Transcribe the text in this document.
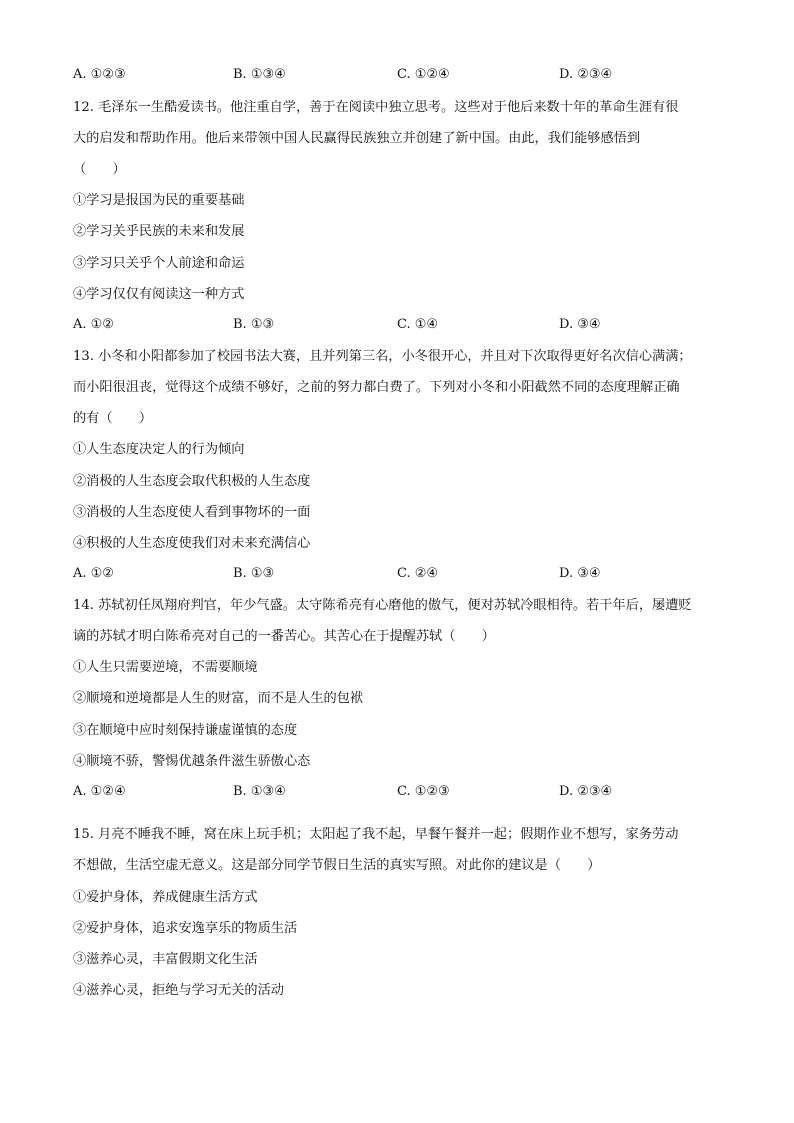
A. ①②③	B. ①③④	C. ①②④	D. ②③④
12. 毛泽东一生酷爱读书。他注重自学，善于在阅读中独立思考。这些对于他后来数十年的革命生涯有很
大的启发和帮助作用。他后来带领中国人民赢得民族独立并创建了新中国。由此，我们能够感悟到
（　　）
①学习是报国为民的重要基础
②学习关乎民族的未来和发展
③学习只关乎个人前途和命运
④学习仅仅有阅读这一种方式
A. ①②	B. ①③	C. ①④	D. ③④
13. 小冬和小阳都参加了校园书法大赛，且并列第三名，小冬很开心，并且对下次取得更好名次信心满满；
而小阳很沮丧，觉得这个成绩不够好，之前的努力都白费了。下列对小冬和小阳截然不同的态度理解正确
的有（　　）
①人生态度决定人的行为倾向
②消极的人生态度会取代积极的人生态度
③消极的人生态度使人看到事物坏的一面
④积极的人生态度使我们对未来充满信心
A. ①②	B. ①③	C. ②④	D. ③④
14. 苏轼初任凤翔府判官，年少气盛。太守陈希亮有心磨他的傲气，便对苏轼冷眼相待。若干年后，屡遭贬
谪的苏轼才明白陈希亮对自己的一番苦心。其苦心在于提醒苏轼（　　）
①人生只需要逆境，不需要顺境
②顺境和逆境都是人生的财富，而不是人生的包袱
③在顺境中应时刻保持谦虚谨慎的态度
④顺境不骄，警惕优越条件滋生骄傲心态
A. ①②④	B. ①③④	C. ①②③	D. ②③④
15. 月亮不睡我不睡，窝在床上玩手机；太阳起了我不起，早餐午餐并一起；假期作业不想写，家务劳动
不想做，生活空虚无意义。这是部分同学节假日生活的真实写照。对此你的建议是（　　）
①爱护身体，养成健康生活方式
②爱护身体，追求安逸享乐的物质生活
③滋养心灵，丰富假期文化生活
④滋养心灵，拒绝与学习无关的活动
